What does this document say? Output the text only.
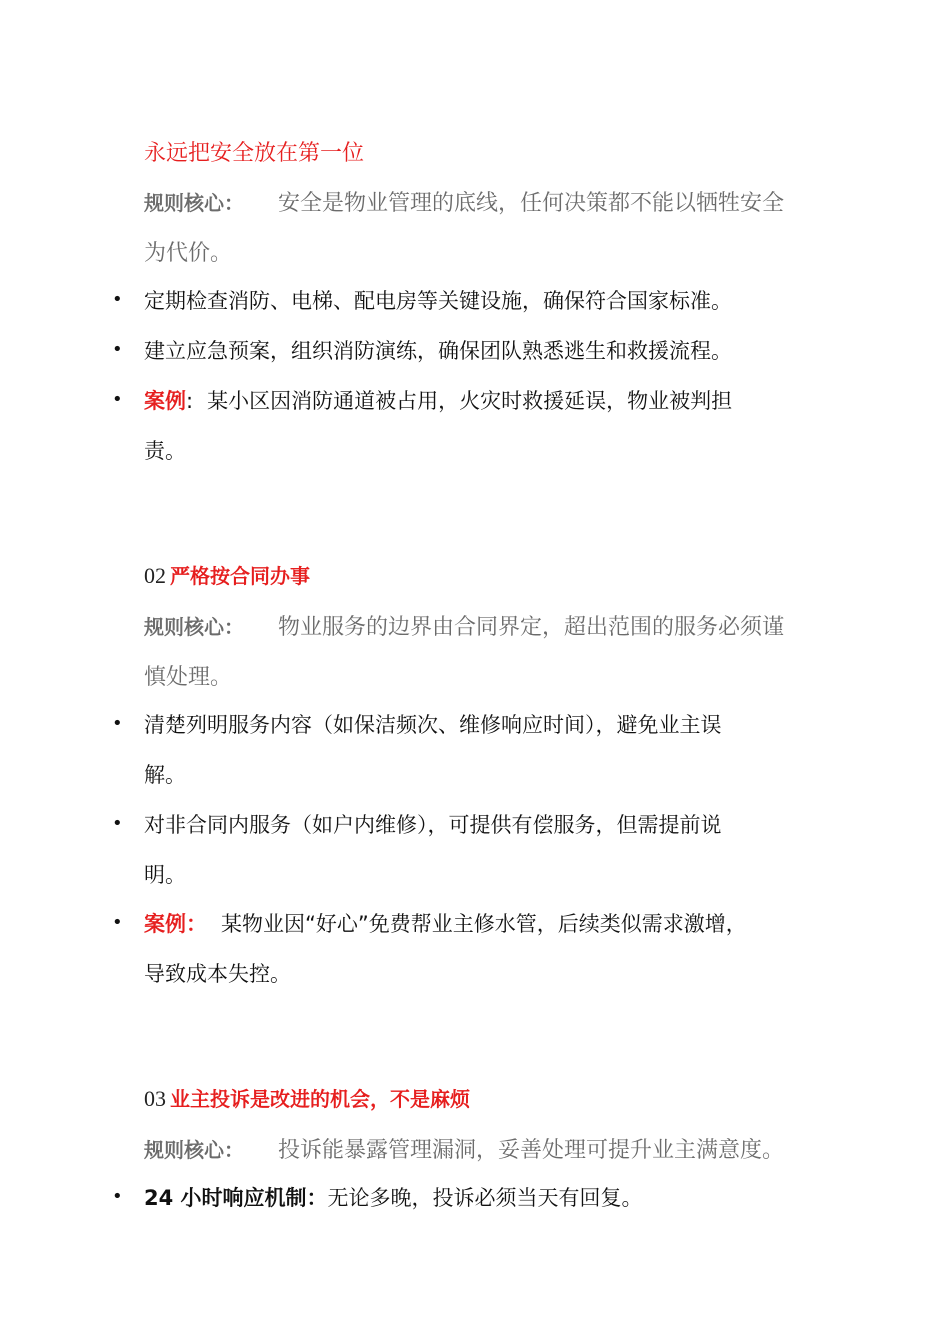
永远把安全放在第一位
规则核心： 安全是物业管理的底线，任何决策都不能以牺牲安全
为代价。
• 定期检查消防、电梯、配电房等关键设施，确保符合国家标准。
• 建立应急预案，组织消防演练，确保团队熟悉逃生和救援流程。
• 案例: 某小区因消防通道被占用，火灾时救援延误，物业被判担
责。
02 严格按合同办事
规则核心： 物业服务的边界由合同界定，超出范围的服务必须谨
慎处理。
• 清楚列明服务内容（如保洁频次、维修响应时间），避免业主误
解。
• 对非合同内服务（如户内维修），可提供有偿服务，但需提前说
明。
• 案例： 某物业因“好心”免费帮业主修水管，后续类似需求激增，
导致成本失控。
03 业主投诉是改进的机会，不是麻烦
规则核心： 投诉能暴露管理漏洞，妥善处理可提升业主满意度。
• 24 小时响应机制：无论多晚，投诉必须当天有回复。
